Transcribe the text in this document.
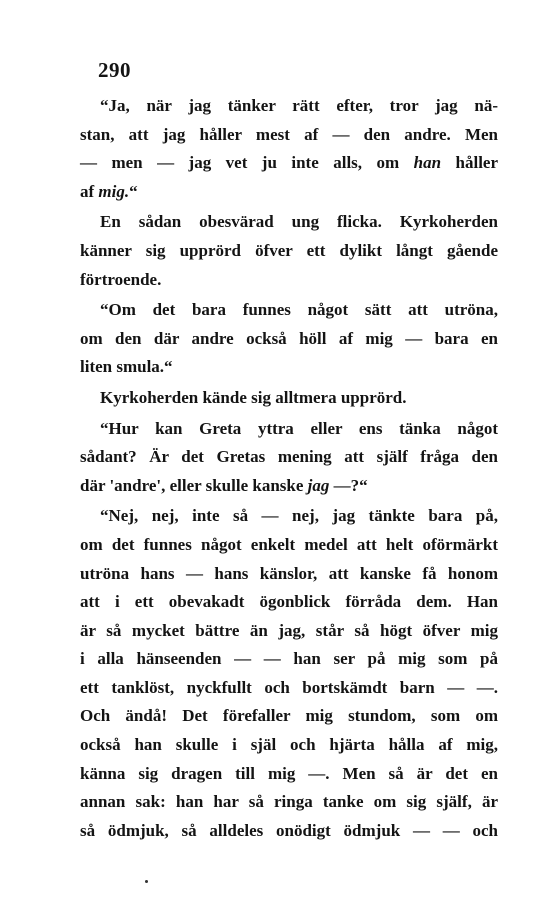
290
“Ja, när jag tänker rätt efter, tror jag nä-
stan, att jag håller mest af — den andre. Men
— men — jag vet ju inte alls, om han håller
af mig.“
En sådan obesvärad ung flicka. Kyrkoherden
känner sig upprörd öfver ett dylikt långt gående
förtroende.
“Om det bara funnes något sätt att utröna,
om den där andre också höll af mig — bara en
liten smula.“
Kyrkoherden kände sig alltmera upprörd.
“Hur kan Greta yttra eller ens tänka något
sådant? Är det Gretas mening att själf fråga den
där 'andre', eller skulle kanske jag —?“
“Nej, nej, inte så — nej, jag tänkte bara på,
om det funnes något enkelt medel att helt oförmärkt
utröna hans — hans känslor, att kanske få honom
att i ett obevakadt ögonblick förråda dem. Han
är så mycket bättre än jag, står så högt öfver mig
i alla hänseenden — — han ser på mig som på
ett tanklöst, nyckfullt och bortskämdt barn — —.
Och ändå! Det förefaller mig stundom, som om
också han skulle i själ och hjärta hålla af mig,
känna sig dragen till mig —. Men så är det en
annan sak: han har så ringa tanke om sig själf, är
så ödmjuk, så alldeles onödigt ödmjuk — — och
